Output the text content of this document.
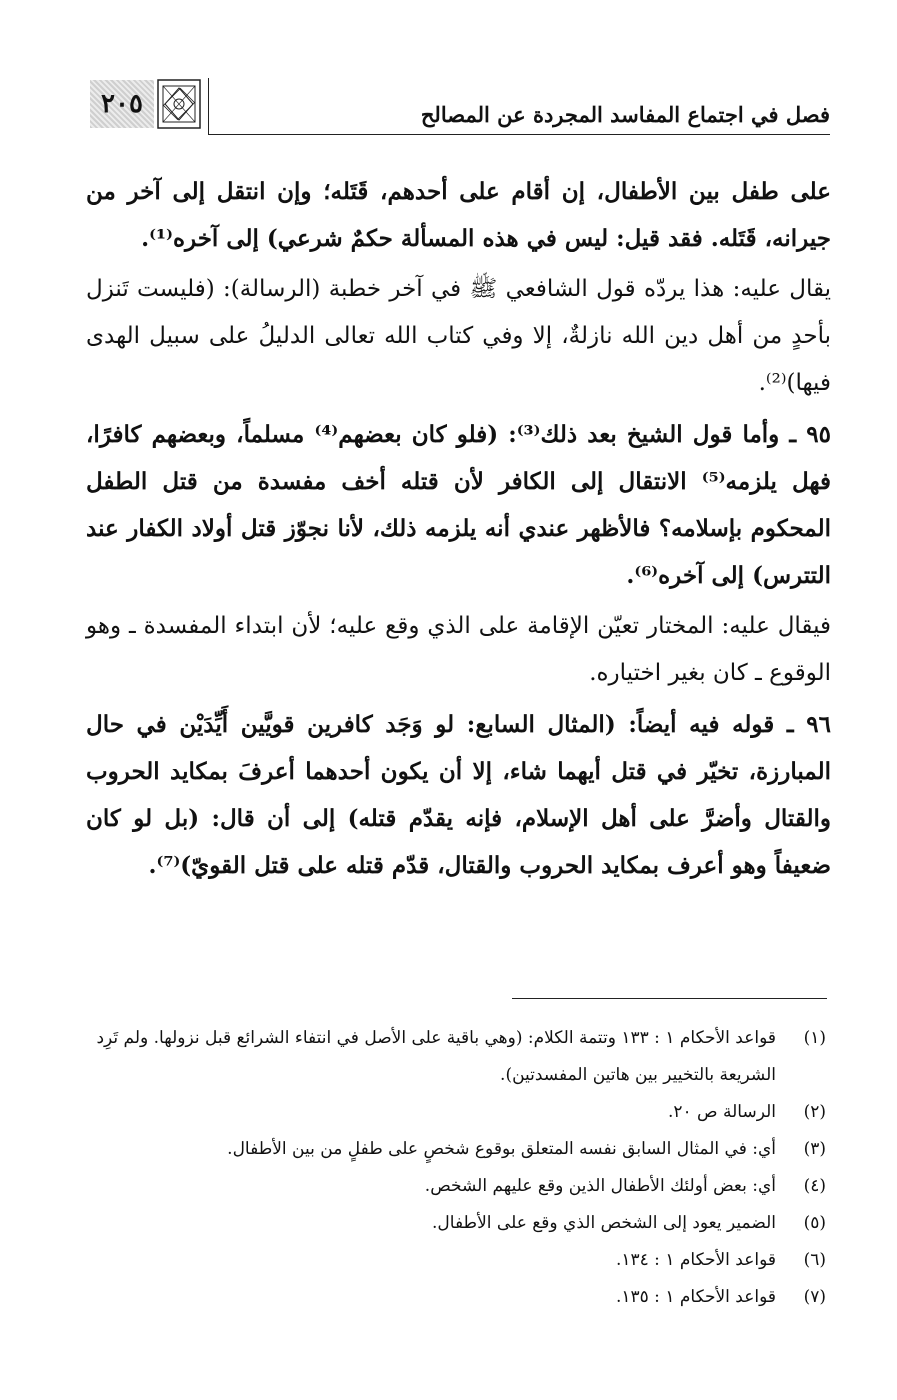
فصل في اجتماع المفاسد المجردة عن المصالح
٢٠٥

على طفل بين الأطفال، إن أقام على أحدهم، قَتَله؛ وإن انتقل إلى آخر من جيرانه، قَتَله. فقد قيل: ليس في هذه المسألة حكمٌ شرعي) إلى آخره⁽¹⁾.

يقال عليه: هذا يردّه قول الشافعي ﷺ في آخر خطبة (الرسالة): (فليست تَنزل بأحدٍ من أهل دين الله نازلةٌ، إلا وفي كتاب الله تعالى الدليلُ على سبيل الهدى فيها)⁽²⁾.

٩٥ ـ وأما قول الشيخ بعد ذلك⁽³⁾: (فلو كان بعضهم⁽⁴⁾ مسلماً، وبعضهم كافرًا، فهل يلزمه⁽⁵⁾ الانتقال إلى الكافر لأن قتله أخف مفسدة من قتل الطفل المحكوم بإسلامه؟ فالأظهر عندي أنه يلزمه ذلك، لأنا نجوّز قتل أولاد الكفار عند التترس) إلى آخره⁽⁶⁾.

فيقال عليه: المختار تعيّن الإقامة على الذي وقع عليه؛ لأن ابتداء المفسدة ـ وهو الوقوع ـ كان بغير اختياره.

٩٦ ـ قوله فيه أيضاً: (المثال السابع: لو وَجَد كافرين قويَّين أَيِّدَيْن في حال المبارزة، تخيّر في قتل أيهما شاء، إلا أن يكون أحدهما أعرفَ بمكايد الحروب والقتال وأضرَّ على أهل الإسلام، فإنه يقدّم قتله) إلى أن قال: (بل لو كان ضعيفاً وهو أعرف بمكايد الحروب والقتال، قدّم قتله على قتل القويّ)⁽⁷⁾.

(١)
قواعد الأحكام ١ : ١٣٣ وتتمة الكلام: (وهي باقية على الأصل في انتفاء الشرائع قبل نزولها. ولم تَرِد الشريعة بالتخيير بين هاتين المفسدتين).
(٢)
الرسالة ص ٢٠.
(٣)
أي: في المثال السابق نفسه المتعلق بوقوع شخصٍ على طفلٍ من بين الأطفال.
(٤)
أي: بعض أولئك الأطفال الذين وقع عليهم الشخص.
(٥)
الضمير يعود إلى الشخص الذي وقع على الأطفال.
(٦)
قواعد الأحكام ١ : ١٣٤.
(٧)
قواعد الأحكام ١ : ١٣٥.
